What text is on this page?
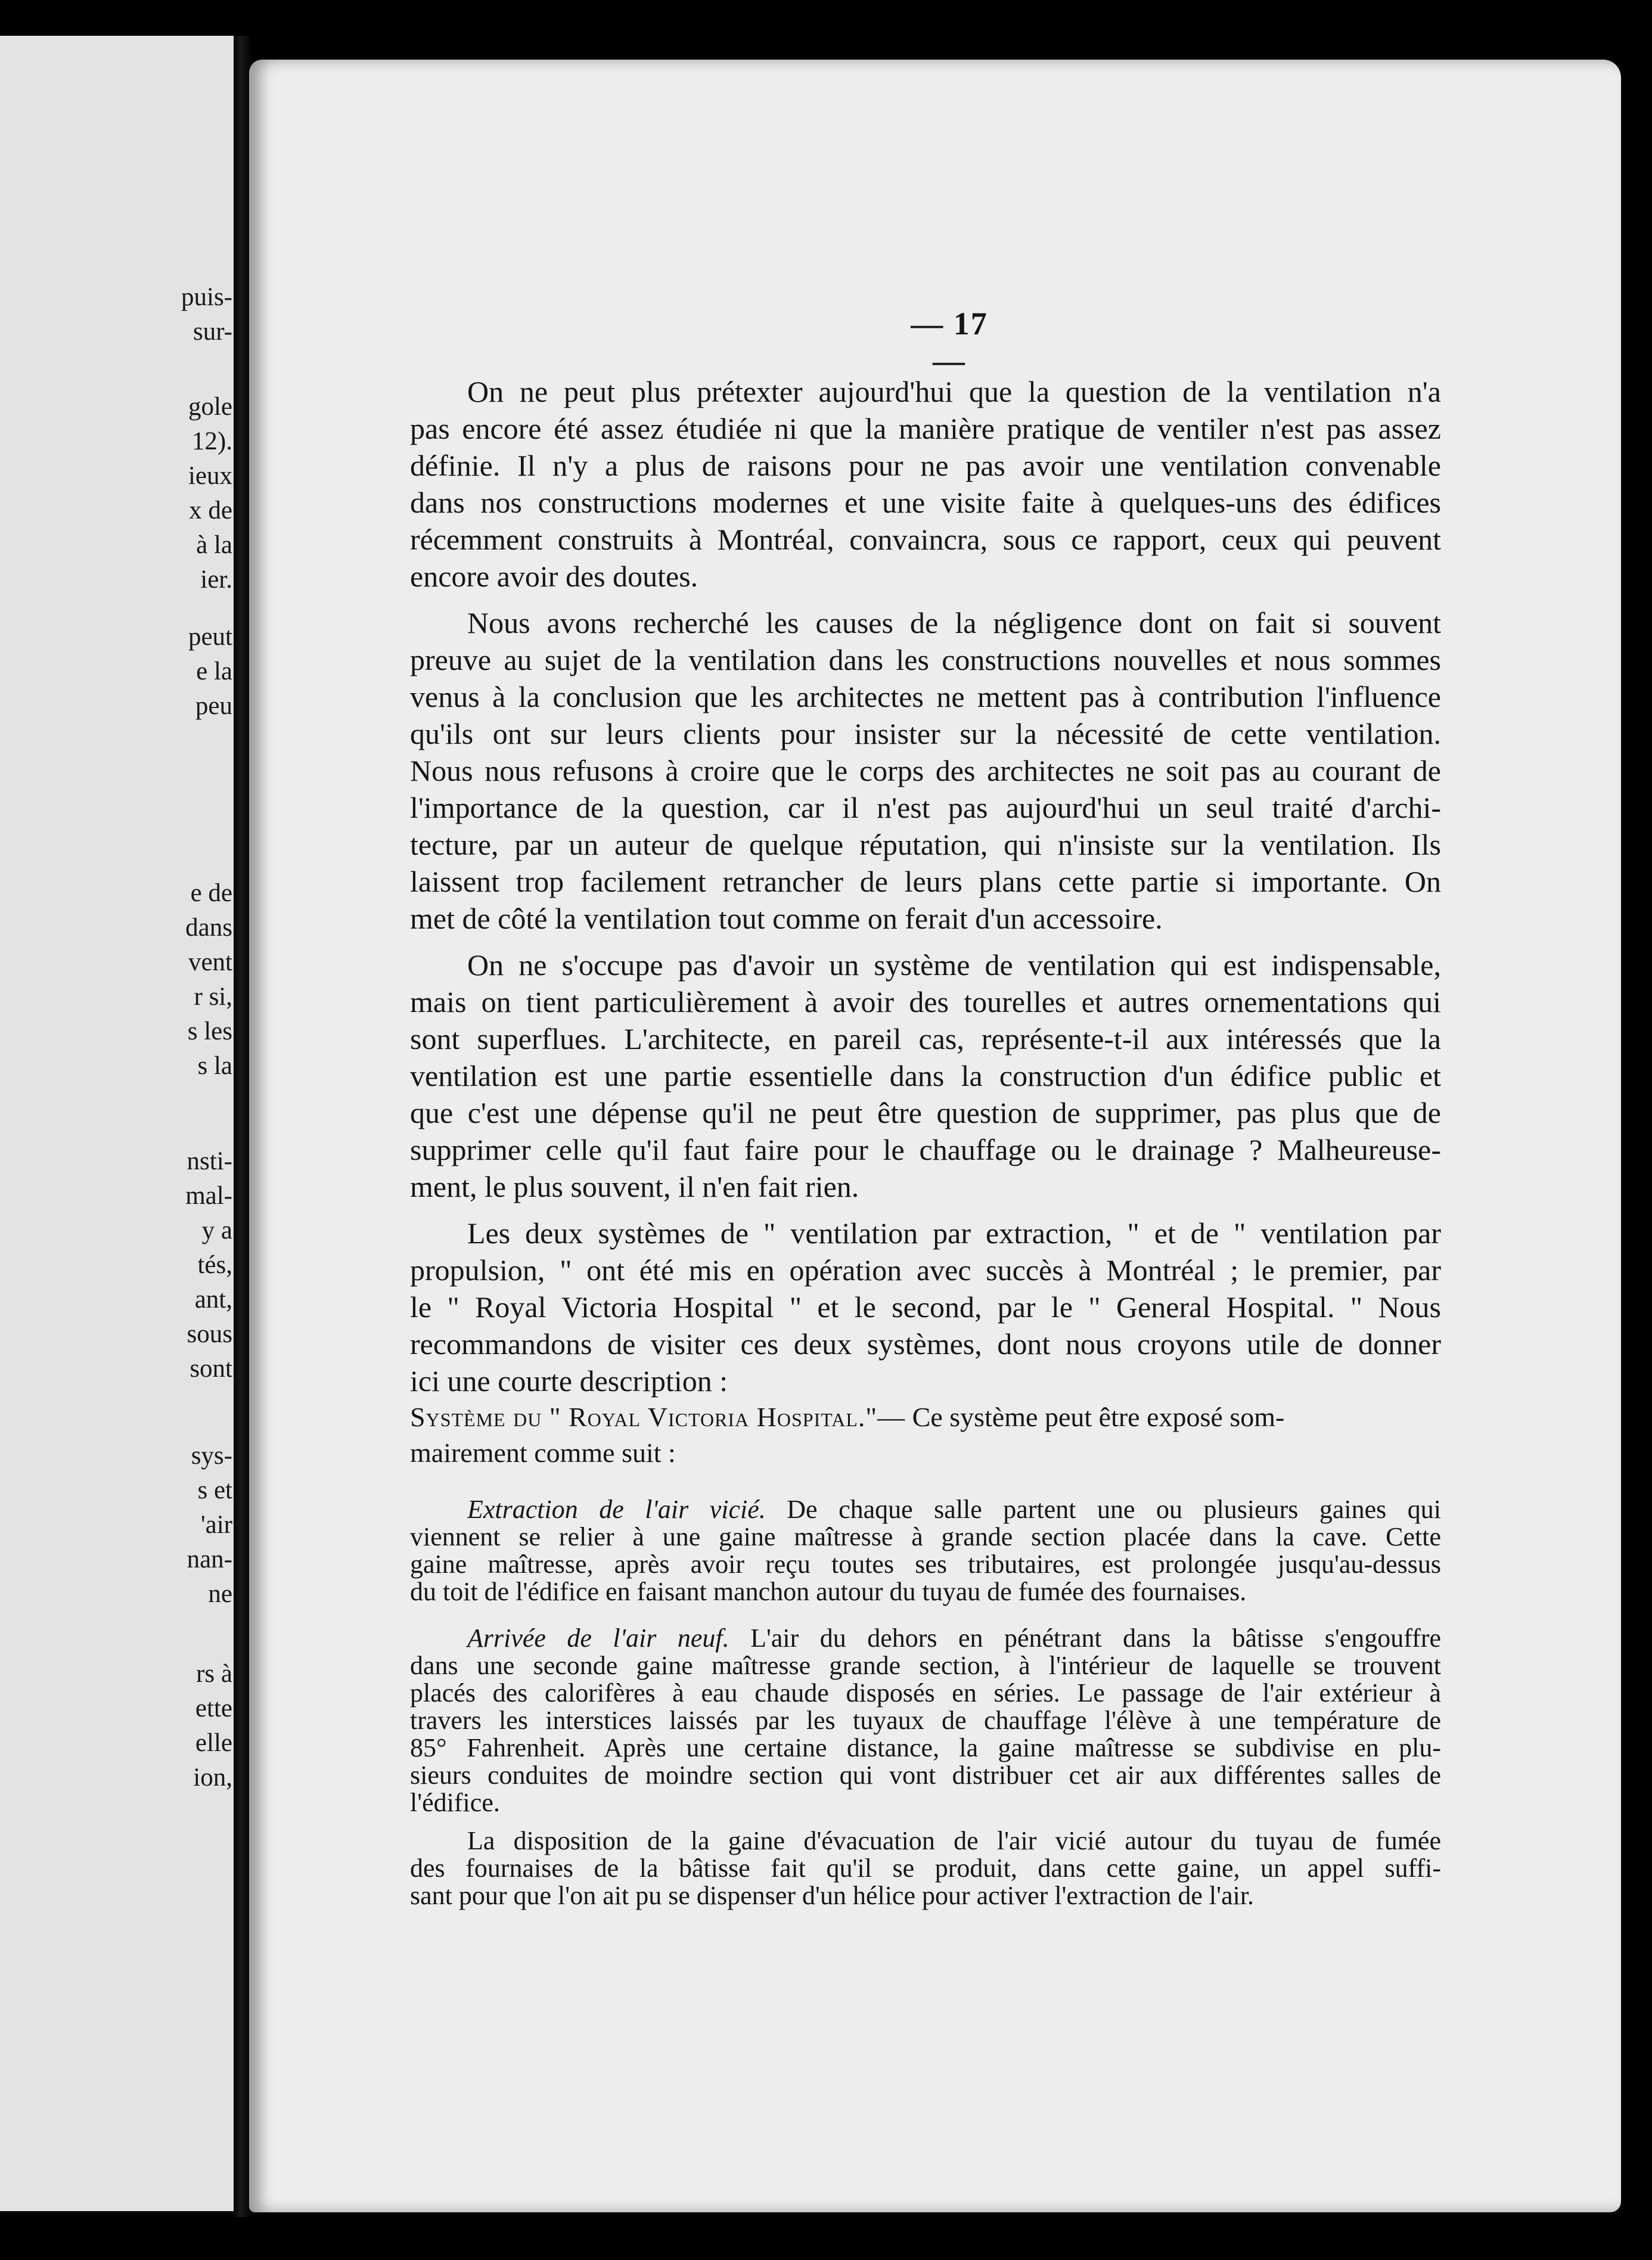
puis-

sur-

gole

12).

ieux

x de

à la

ier.

peut

e la

peu

e de

dans

vent

r si,

s les

s la

nsti-

mal-

y a

tés,

ant,

sous

sont

sys-

s et

'air

nan-

ne

rs à

ette

elle

ion,

— 17 —

On ne peut plus prétexter aujourd'hui que la question de la ventilation n'a
pas encore été assez étudiée ni que la manière pratique de ventiler n'est pas assez
définie. Il n'y a plus de raisons pour ne pas avoir une ventilation convenable
dans nos constructions modernes et une visite faite à quelques-uns des édifices
récemment construits à Montréal, convaincra, sous ce rapport, ceux qui peuvent
encore avoir des doutes.
Nous avons recherché les causes de la négligence dont on fait si souvent
preuve au sujet de la ventilation dans les constructions nouvelles et nous sommes
venus à la conclusion que les architectes ne mettent pas à contribution l'influence
qu'ils ont sur leurs clients pour insister sur la nécessité de cette ventilation.
Nous nous refusons à croire que le corps des architectes ne soit pas au courant de
l'importance de la question, car il n'est pas aujourd'hui un seul traité d'archi-
tecture, par un auteur de quelque réputation, qui n'insiste sur la ventilation. Ils
laissent trop facilement retrancher de leurs plans cette partie si importante. On
met de côté la ventilation tout comme on ferait d'un accessoire.
On ne s'occupe pas d'avoir un système de ventilation qui est indispensable,
mais on tient particulièrement à avoir des tourelles et autres ornementations qui
sont superflues. L'architecte, en pareil cas, représente-t-il aux intéressés que la
ventilation est une partie essentielle dans la construction d'un édifice public et
que c'est une dépense qu'il ne peut être question de supprimer, pas plus que de
supprimer celle qu'il faut faire pour le chauffage ou le drainage ? Malheureuse-
ment, le plus souvent, il n'en fait rien.
Les deux systèmes de " ventilation par extraction, " et de " ventilation par
propulsion, " ont été mis en opération avec succès à Montréal ; le premier, par
le " Royal Victoria Hospital " et le second, par le " General Hospital. " Nous
recommandons de visiter ces deux systèmes, dont nous croyons utile de donner
ici une courte description :

Système du " Royal Victoria Hospital."— Ce système peut être exposé som-
mairement comme suit :

Extraction de l'air vicié. De chaque salle partent une ou plusieurs gaines qui
viennent se relier à une gaine maîtresse à grande section placée dans la cave. Cette
gaine maîtresse, après avoir reçu toutes ses tributaires, est prolongée jusqu'au-dessus
du toit de l'édifice en faisant manchon autour du tuyau de fumée des fournaises.
Arrivée de l'air neuf. L'air du dehors en pénétrant dans la bâtisse s'engouffre
dans une seconde gaine maîtresse grande section, à l'intérieur de laquelle se trouvent
placés des calorifères à eau chaude disposés en séries. Le passage de l'air extérieur à
travers les interstices laissés par les tuyaux de chauffage l'élève à une température de
85° Fahrenheit. Après une certaine distance, la gaine maîtresse se subdivise en plu-
sieurs conduites de moindre section qui vont distribuer cet air aux différentes salles de
l'édifice.
La disposition de la gaine d'évacuation de l'air vicié autour du tuyau de fumée
des fournaises de la bâtisse fait qu'il se produit, dans cette gaine, un appel suffi-
sant pour que l'on ait pu se dispenser d'un hélice pour activer l'extraction de l'air.
